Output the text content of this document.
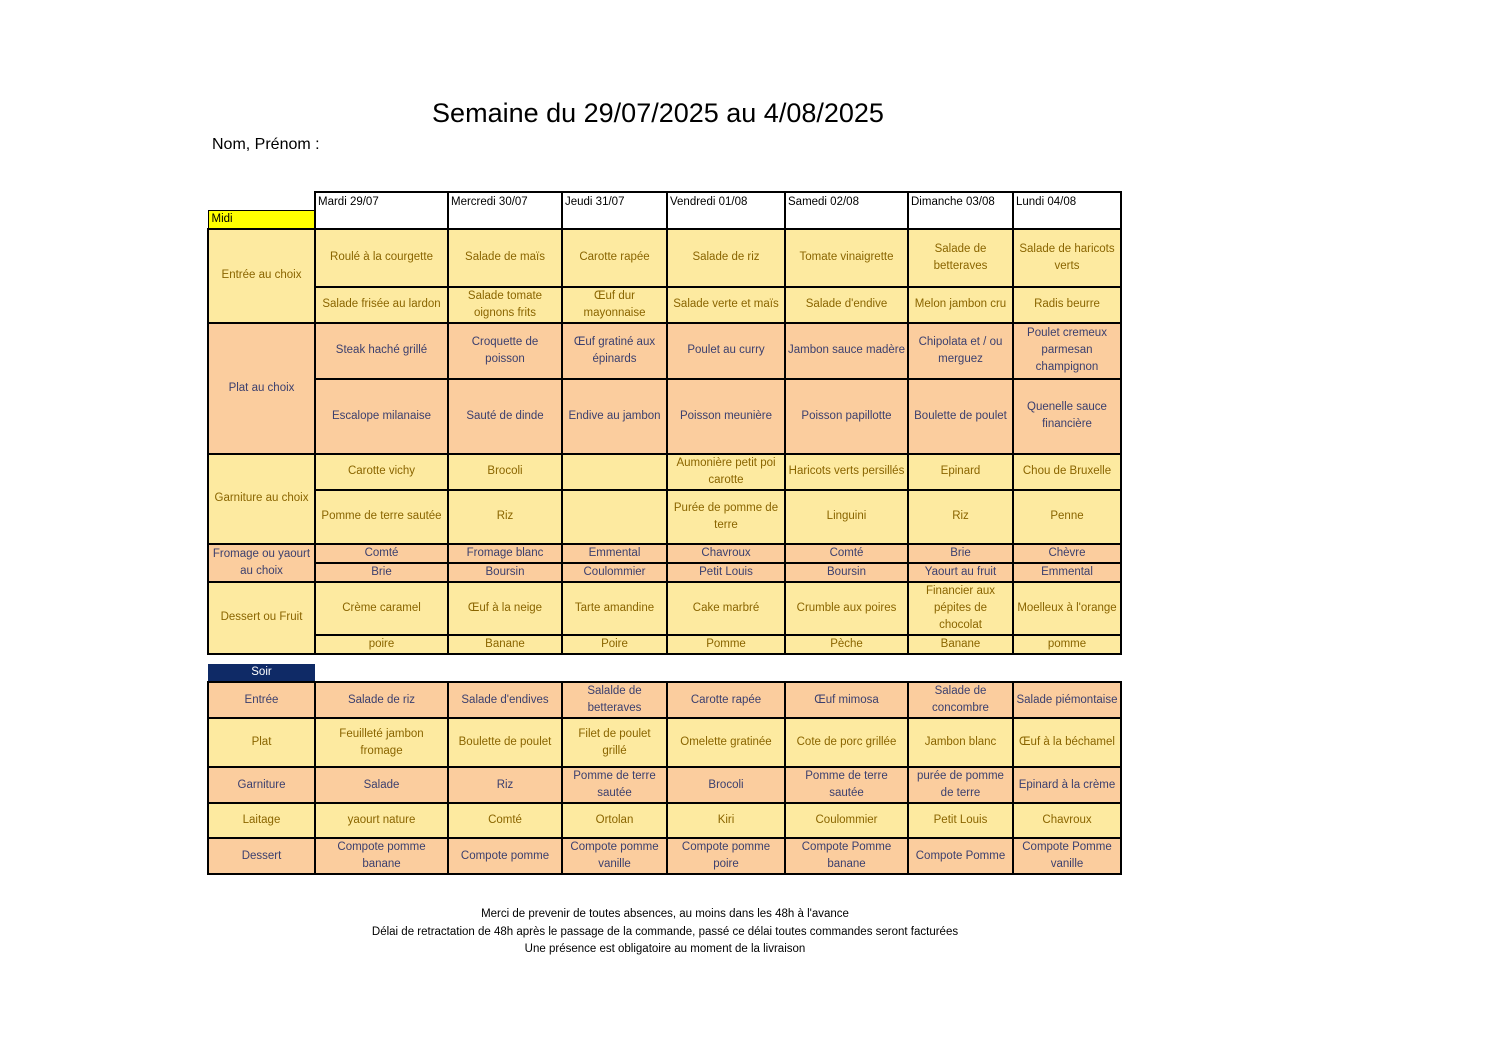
Semaine du 29/07/2025 au 4/08/2025
Nom, Prénom :
	Mardi 29/07	Mercredi 30/07	Jeudi 31/07	Vendredi 01/08	Samedi 02/08	Dimanche 03/08	Lundi 04/08
Midi							
Entrée au choix	Roulé à la courgette	Salade de maïs	Carotte rapée	Salade de riz	Tomate vinaigrette	Salade de betteraves	Salade de haricots verts
	Salade frisée au lardon	Salade tomate oignons frits	Œuf dur mayonnaise	Salade verte et maïs	Salade d'endive	Melon jambon cru	Radis beurre
Plat au choix	Steak haché grillé	Croquette de poisson	Œuf gratiné aux épinards	Poulet au curry	Jambon sauce madère	Chipolata et / ou merguez	Poulet cremeux parmesan champignon
	Escalope milanaise	Sauté de dinde	Endive au jambon	Poisson meunière	Poisson papillotte	Boulette de poulet	Quenelle sauce financière
Garniture au choix	Carotte vichy	Brocoli		Aumonière petit poi carotte	Haricots verts persillés	Epinard	Chou de Bruxelle
	Pomme de terre sautée	Riz		Purée de pomme de terre	Linguini	Riz	Penne
Fromage ou yaourt au choix	Comté	Fromage blanc	Emmental	Chavroux	Comté	Brie	Chèvre
	Brie	Boursin	Coulommier	Petit Louis	Boursin	Yaourt au fruit	Emmental
Dessert ou Fruit	Crème caramel	Œuf à la neige	Tarte amandine	Cake marbré	Crumble aux poires	Financier aux pépites de chocolat	Moelleux à l'orange
	poire	Banane	Poire	Pomme	Pèche	Banane	pomme
Soir							
Entrée	Salade de riz	Salade d'endives	Salalde de betteraves	Carotte rapée	Œuf mimosa	Salade de concombre	Salade piémontaise
Plat	Feuilleté jambon fromage	Boulette de poulet	Filet de poulet grillé	Omelette gratinée	Cote de porc grillée	Jambon blanc	Œuf à la béchamel
Garniture	Salade	Riz	Pomme de terre sautée	Brocoli	Pomme de terre sautée	purée de pomme de terre	Epinard à la crème
Laitage	yaourt nature	Comté	Ortolan	Kiri	Coulommier	Petit Louis	Chavroux
Dessert	Compote pomme banane	Compote pomme	Compote pomme vanille	Compote pomme poire	Compote Pomme banane	Compote Pomme	Compote Pomme vanille
Merci de prevenir de toutes absences, au moins dans les 48h à l'avance
Délai de retractation de 48h après le passage de la commande, passé ce délai toutes commandes seront facturées
Une présence est obligatoire au moment de la livraison
